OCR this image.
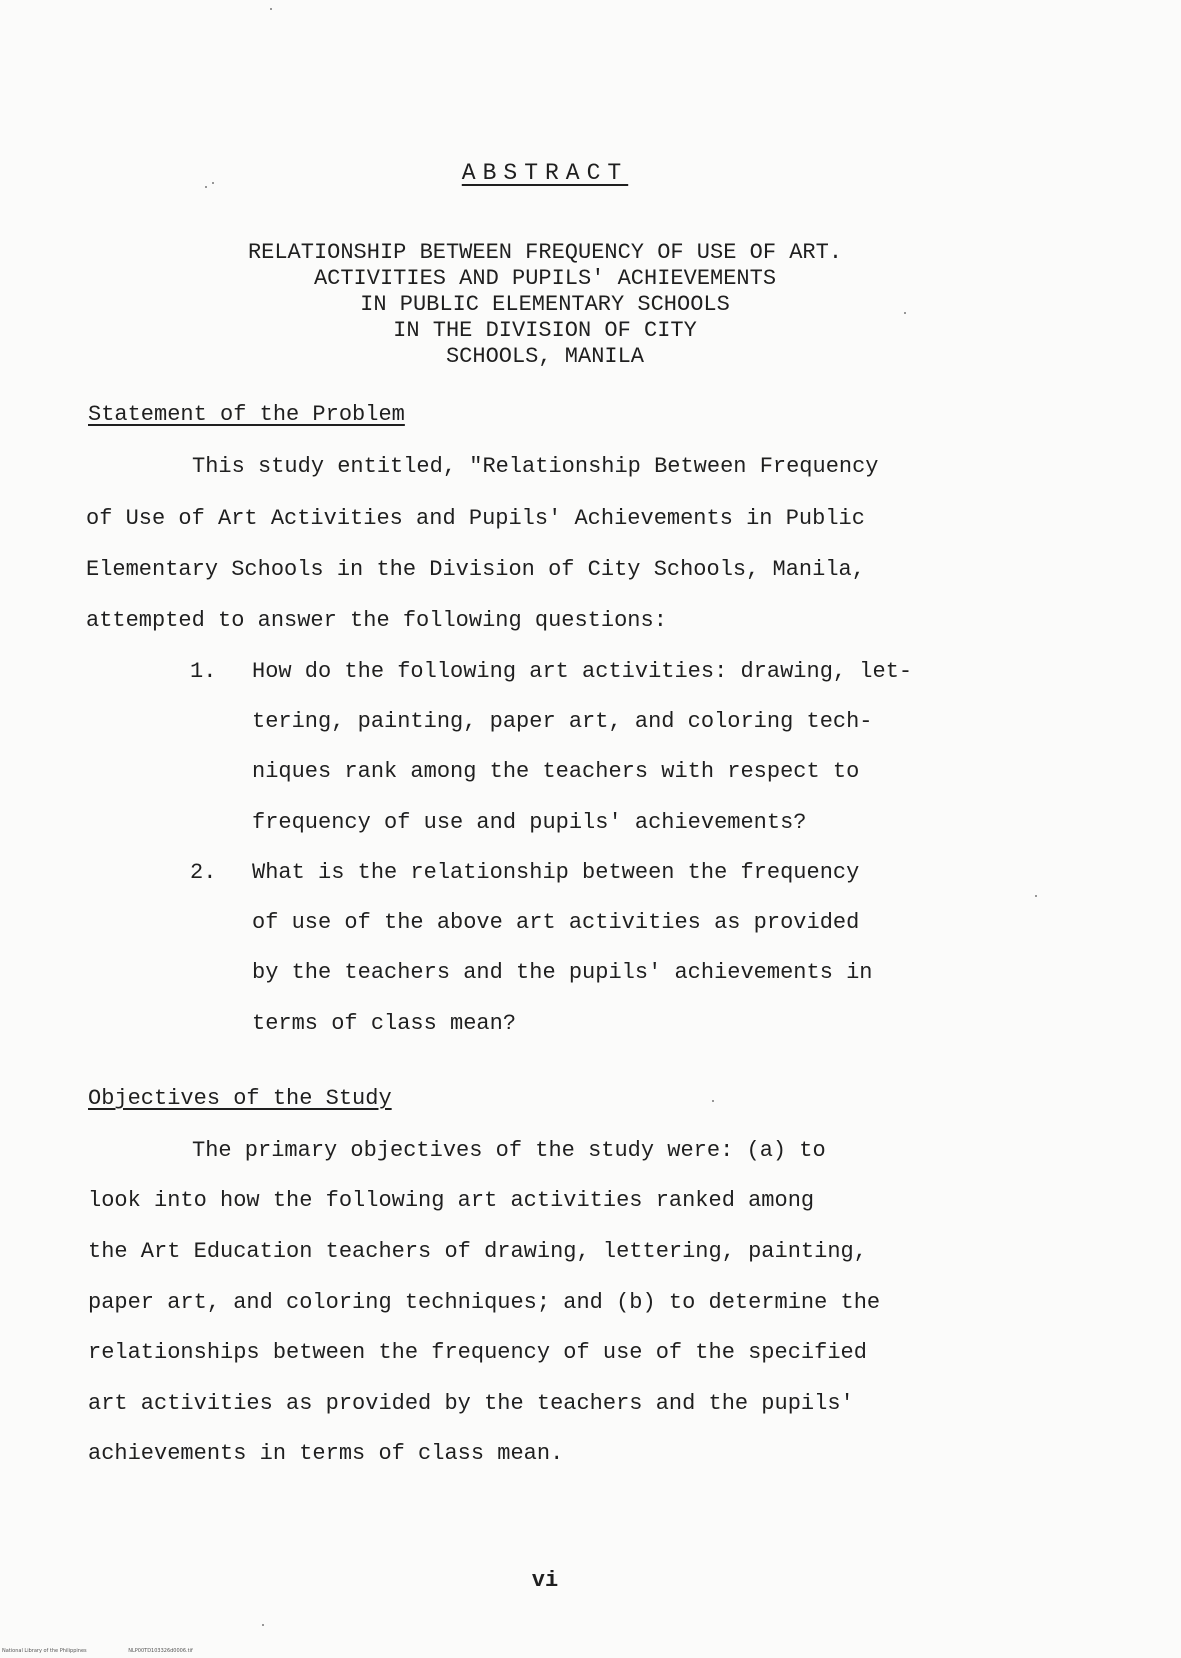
ABSTRACT
RELATIONSHIP BETWEEN FREQUENCY OF USE OF ART.
ACTIVITIES AND PUPILS' ACHIEVEMENTS
IN PUBLIC ELEMENTARY SCHOOLS
IN THE DIVISION OF CITY
SCHOOLS, MANILA
Statement of the Problem
This study entitled, "Relationship Between Frequency
of Use of Art Activities and Pupils' Achievements in Public
Elementary Schools in the Division of City Schools, Manila,
attempted to answer the following questions:
1. How do the following art activities: drawing, let-
tering, painting, paper art, and coloring tech-
niques rank among the teachers with respect to
frequency of use and pupils' achievements?
2. What is the relationship between the frequency
of use of the above art activities as provided
by the teachers and the pupils' achievements in
terms of class mean?
Objectives of the Study
The primary objectives of the study were: (a) to
look into how the following art activities ranked among
the Art Education teachers of drawing, lettering, painting,
paper art, and coloring techniques; and (b) to determine the
relationships between the frequency of use of the specified
art activities as provided by the teachers and the pupils'
achievements in terms of class mean.
vi
National Library of the Philippines	NLP00TD103326d0006.tif
